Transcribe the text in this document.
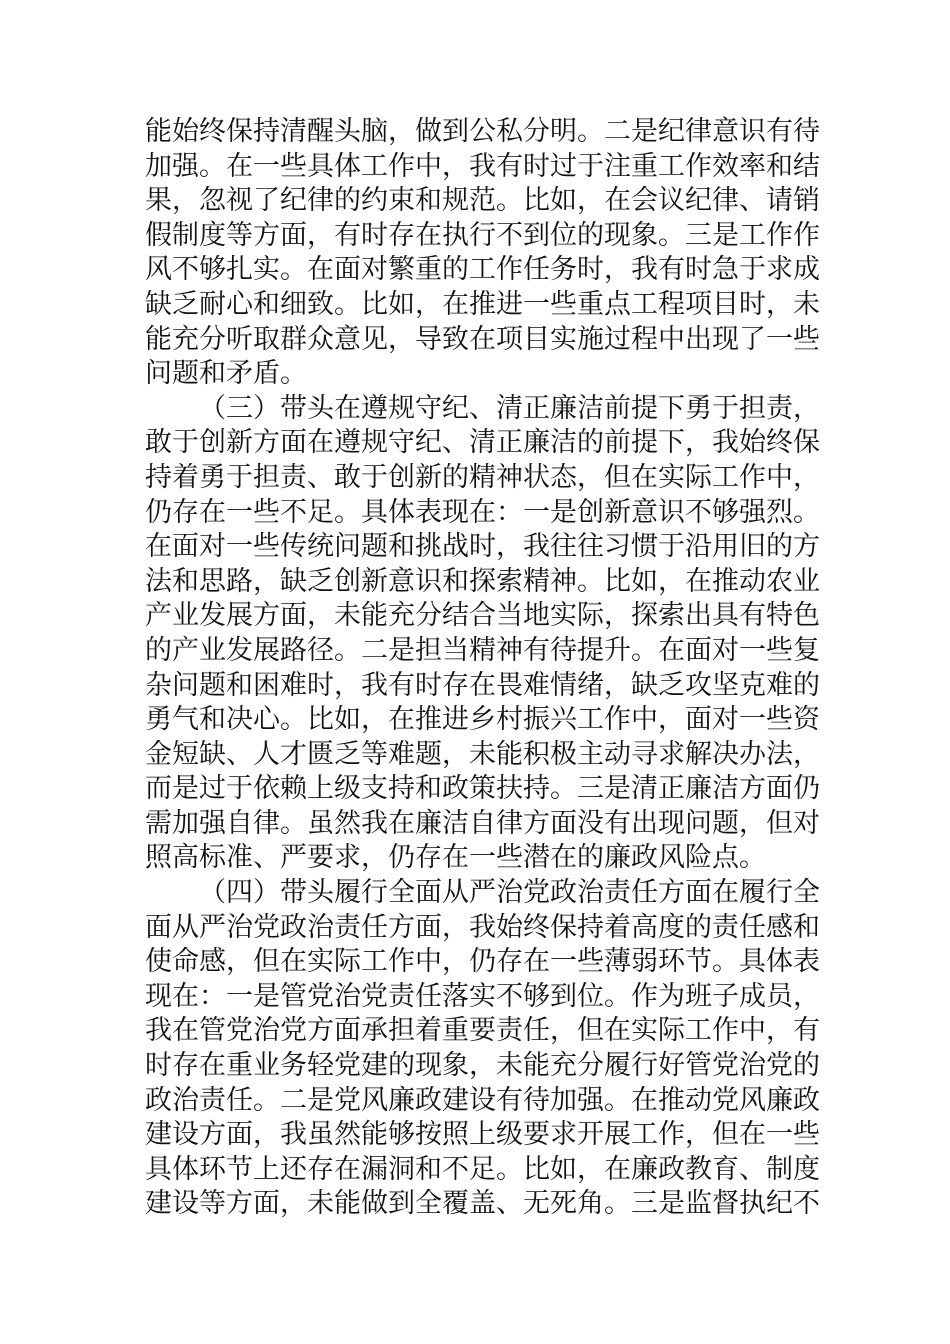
能始终保持清醒头脑，做到公私分明。二是纪律意识有待
加强。在一些具体工作中，我有时过于注重工作效率和结
果，忽视了纪律的约束和规范。比如，在会议纪律、请销
假制度等方面，有时存在执行不到位的现象。三是工作作
风不够扎实。在面对繁重的工作任务时，我有时急于求成
缺乏耐心和细致。比如，在推进一些重点工程项目时，未
能充分听取群众意见，导致在项目实施过程中出现了一些
问题和矛盾。
（三）带头在遵规守纪、清正廉洁前提下勇于担责，
敢于创新方面在遵规守纪、清正廉洁的前提下，我始终保
持着勇于担责、敢于创新的精神状态，但在实际工作中，
仍存在一些不足。具体表现在：一是创新意识不够强烈。
在面对一些传统问题和挑战时，我往往习惯于沿用旧的方
法和思路，缺乏创新意识和探索精神。比如，在推动农业
产业发展方面，未能充分结合当地实际，探索出具有特色
的产业发展路径。二是担当精神有待提升。在面对一些复
杂问题和困难时，我有时存在畏难情绪，缺乏攻坚克难的
勇气和决心。比如，在推进乡村振兴工作中，面对一些资
金短缺、人才匮乏等难题，未能积极主动寻求解决办法，
而是过于依赖上级支持和政策扶持。三是清正廉洁方面仍
需加强自律。虽然我在廉洁自律方面没有出现问题，但对
照高标准、严要求，仍存在一些潜在的廉政风险点。
（四）带头履行全面从严治党政治责任方面在履行全
面从严治党政治责任方面，我始终保持着高度的责任感和
使命感，但在实际工作中，仍存在一些薄弱环节。具体表
现在：一是管党治党责任落实不够到位。作为班子成员，
我在管党治党方面承担着重要责任，但在实际工作中，有
时存在重业务轻党建的现象，未能充分履行好管党治党的
政治责任。二是党风廉政建设有待加强。在推动党风廉政
建设方面，我虽然能够按照上级要求开展工作，但在一些
具体环节上还存在漏洞和不足。比如，在廉政教育、制度
建设等方面，未能做到全覆盖、无死角。三是监督执纪不
